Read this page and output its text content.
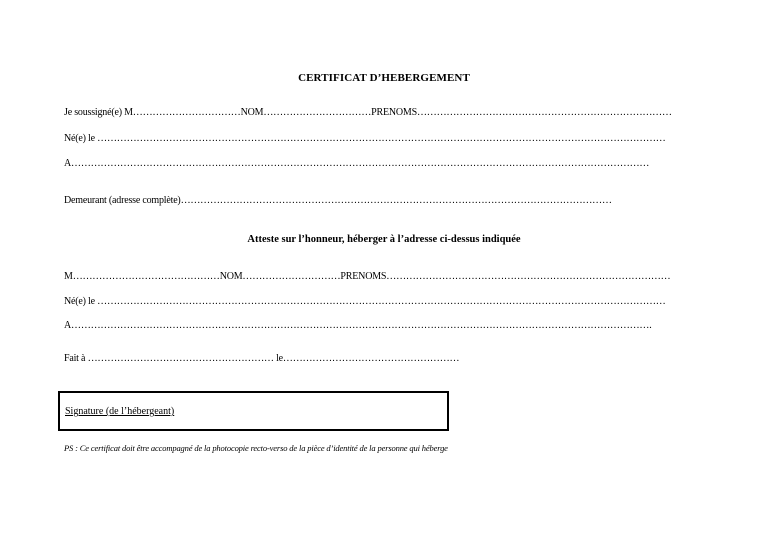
CERTIFICAT D’HEBERGEMENT
Je soussigné(e) M……………………………NOM……………………………PRENOMS……………………………………………………………………
Né(e) le …………………………………………………………………………………………………………………………………………………………
A……………………………………………………………………………………………………………………………………………………………
Demeurant (adresse complète)……………………………………………………………………………………………………………………
Atteste sur l’honneur, héberger à l’adresse ci-dessus indiquée
M………………………………………NOM…………………………PRENOMS……………………………………………………………………………
Né(e) le …………………………………………………………………………………………………………………………………………………………
A…………………………………………………………………………………………………………………………………………………………….
Fait à ………………………………………………… le………………………………………………
Signature (de l’hébergeant)
PS : Ce certificat doit être accompagné de la photocopie recto-verso de la pièce d’identité de la personne qui héberge
